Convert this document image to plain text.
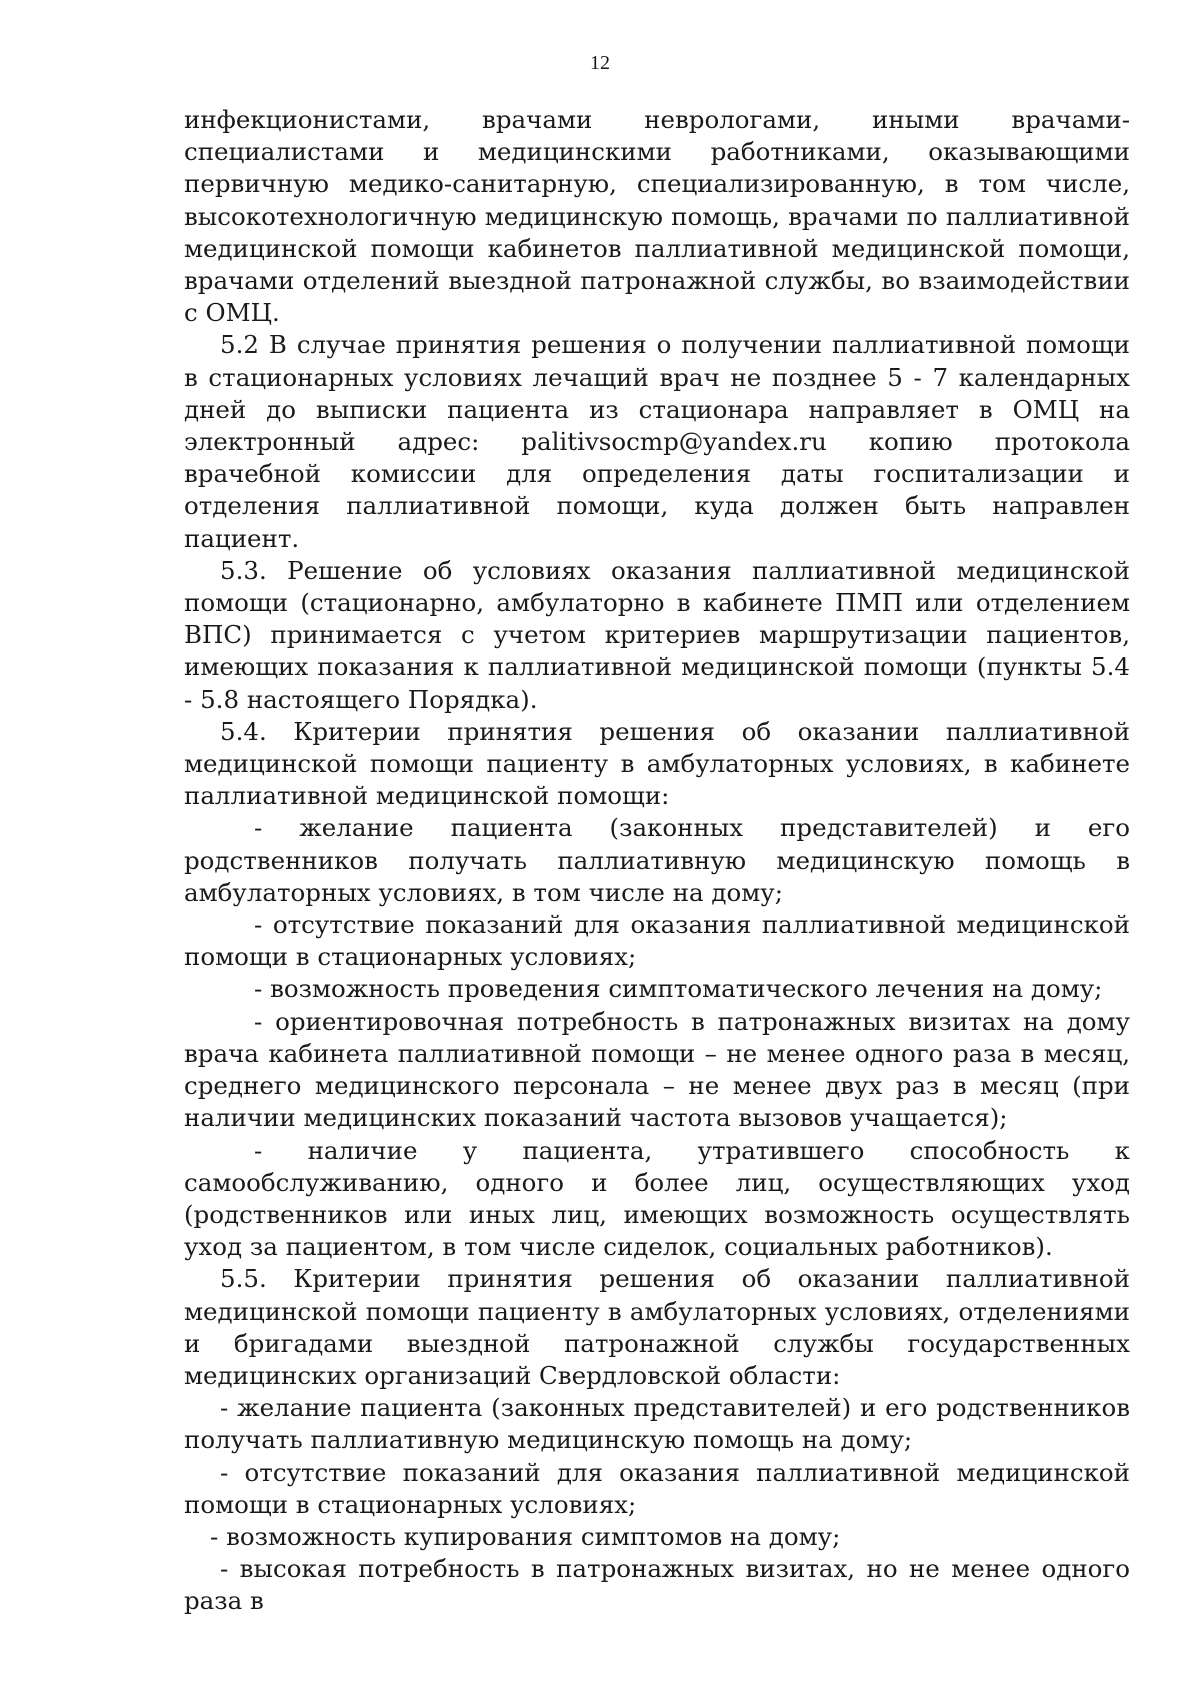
12

инфекционистами, врачами неврологами, иными врачами-специалистами и медицинскими работниками, оказывающими первичную медико-санитарную, специализированную, в том числе, высокотехнологичную медицинскую помощь, врачами по паллиативной медицинской помощи кабинетов паллиативной медицинской помощи, врачами отделений выездной патронажной службы, во взаимодействии с ОМЦ.

5.2 В случае принятия решения о получении паллиативной помощи в стационарных условиях лечащий врач не позднее 5 - 7 календарных дней до выписки пациента из стационара направляет в ОМЦ на электронный адрес: palitivsocmp@yandex.ru копию протокола врачебной комиссии для определения даты госпитализации и отделения паллиативной помощи, куда должен быть направлен пациент.

5.3. Решение об условиях оказания паллиативной медицинской помощи (стационарно, амбулаторно в кабинете ПМП или отделением ВПС) принимается с учетом критериев маршрутизации пациентов, имеющих показания к паллиативной медицинской помощи (пункты 5.4 - 5.8 настоящего Порядка).

5.4. Критерии принятия решения об оказании паллиативной медицинской помощи пациенту в амбулаторных условиях, в кабинете паллиативной медицинской помощи:

- желание пациента (законных представителей) и его родственников получать паллиативную медицинскую помощь в амбулаторных условиях, в том числе на дому;

- отсутствие показаний для оказания паллиативной медицинской помощи в стационарных условиях;

- возможность проведения симптоматического лечения на дому;

- ориентировочная потребность в патронажных визитах на дому врача кабинета паллиативной помощи – не менее одного раза в месяц, среднего медицинского персонала – не менее двух раз в месяц (при наличии медицинских показаний частота вызовов учащается);

- наличие у пациента, утратившего способность к самообслуживанию, одного и более лиц, осуществляющих уход (родственников или иных лиц, имеющих возможность осуществлять уход за пациентом, в том числе сиделок, социальных работников).

5.5. Критерии принятия решения об оказании паллиативной медицинской помощи пациенту в амбулаторных условиях, отделениями и бригадами выездной патронажной службы государственных медицинских организаций Свердловской области:

- желание пациента (законных представителей) и его родственников получать паллиативную медицинскую помощь на дому;

- отсутствие показаний для оказания паллиативной медицинской помощи в стационарных условиях;

- возможность купирования симптомов на дому;

- высокая потребность в патронажных визитах, но не менее одного раза в
